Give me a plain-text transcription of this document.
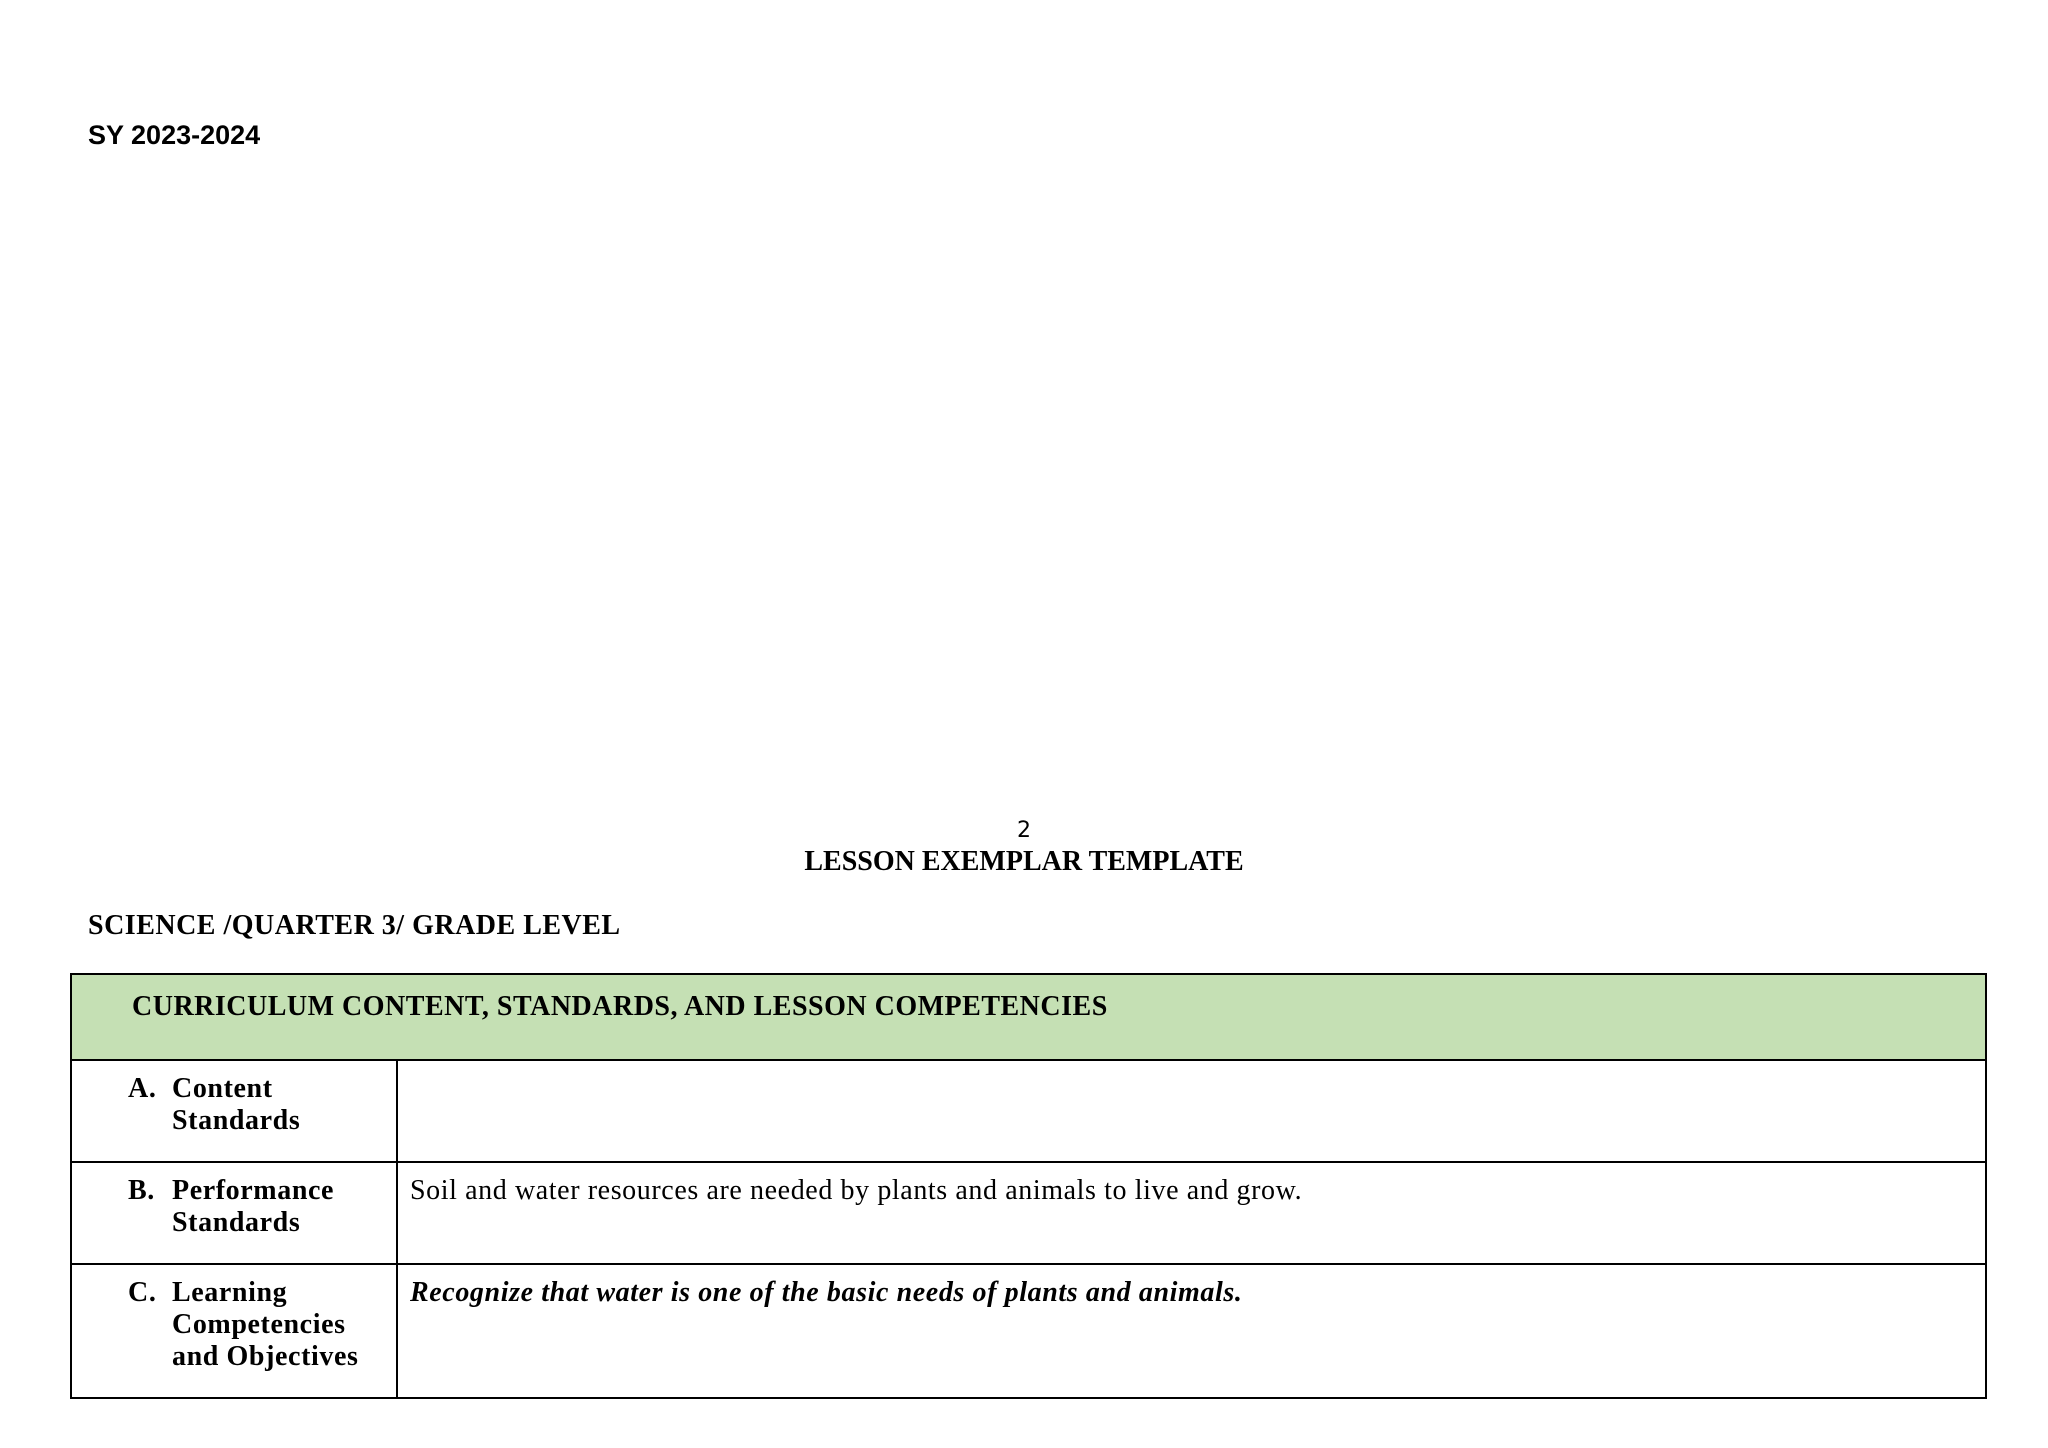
SY 2023-2024
2
LESSON EXEMPLAR TEMPLATE
SCIENCE /QUARTER 3/ GRADE LEVEL
CURRICULUM CONTENT, STANDARDS, AND LESSON COMPETENCIES	

A. Content Standards	

B. Performance Standards	Soil and water resources are needed by plants and animals to live and grow.

C. Learning Competencies and Objectives	Recognize that water is one of the basic needs of plants and animals.
